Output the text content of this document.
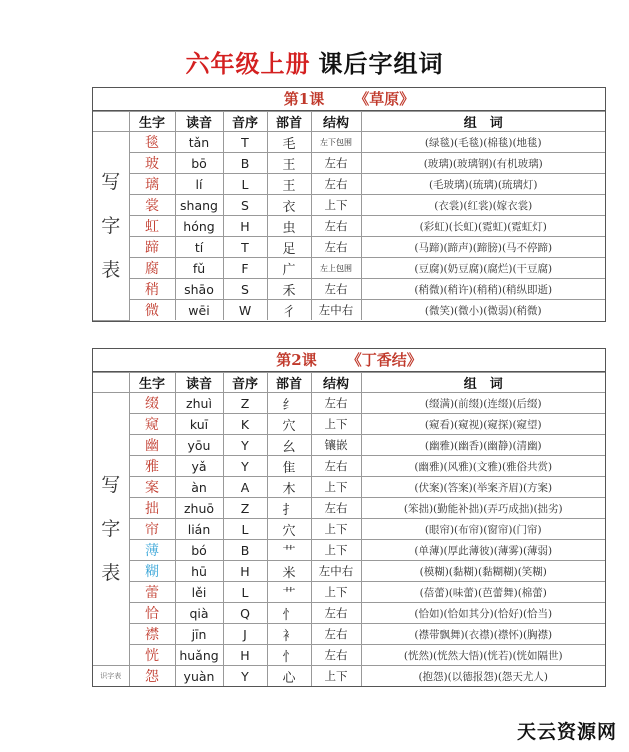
六年级上册 课后字组词
第1课 《草原》
	生字	读音	音序	部首	结构	组　词

写
字
表	毯	tǎn	T	毛	左下包围	(绿毯)(毛毯)(棉毯)(地毯)
	玻	bō	B	王	左右	(玻璃)(玻璃钢)(有机玻璃)
	璃	lí	L	王	左右	(毛玻璃)(琉璃)(琉璃灯)
	裳	shang	S	衣	上下	(衣裳)(红裳)(嫁衣裳)
	虹	hóng	H	虫	左右	(彩虹)(长虹)(霓虹)(霓虹灯)
	蹄	tí	T	足	左右	(马蹄)(蹄声)(蹄膀)(马不停蹄)
	腐	fǔ	F	广	左上包围	(豆腐)(奶豆腐)(腐烂)(干豆腐)
	稍	shāo	S	禾	左右	(稍微)(稍许)(稍稍)(稍纵即逝)
	微	wēi	W	彳	左中右	(微笑)(微小)(微弱)(稍微)
第2课 《丁香结》
	生字	读音	音序	部首	结构	组　词

写
字
表	缀	zhuì	Z	纟	左右	(缀满)(前缀)(连缀)(后缀)
	窥	kuī	K	穴	上下	(窥看)(窥视)(窥探)(窥望)
	幽	yōu	Y	幺	镶嵌	(幽雅)(幽香)(幽静)(清幽)
	雅	yǎ	Y	隹	左右	(幽雅)(风雅)(文雅)(雅俗共赏)
	案	àn	A	木	上下	(伏案)(答案)(举案齐眉)(方案)
	拙	zhuō	Z	扌	左右	(笨拙)(勤能补拙)(弄巧成拙)(拙劣)
	帘	lián	L	穴	上下	(眼帘)(布帘)(窗帘)(门帘)
	薄	bó	B	艹	上下	(单薄)(厚此薄彼)(薄雾)(薄弱)
	糊	hū	H	米	左中右	(模糊)(黏糊)(黏糊糊)(笑糊)
	蕾	lěi	L	艹	上下	(蓓蕾)(味蕾)(芭蕾舞)(棉蕾)
	恰	qià	Q	忄	左右	(恰如)(恰如其分)(恰好)(恰当)
	襟	jīn	J	衤	左右	(襟带飘舞)(衣襟)(襟怀)(胸襟)
	恍	huǎng	H	忄	左右	(恍然)(恍然大悟)(恍若)(恍如隔世)
识字表	怨	yuàn	Y	心	上下	(抱怨)(以德报怨)(怨天尤人)
天云资源网
